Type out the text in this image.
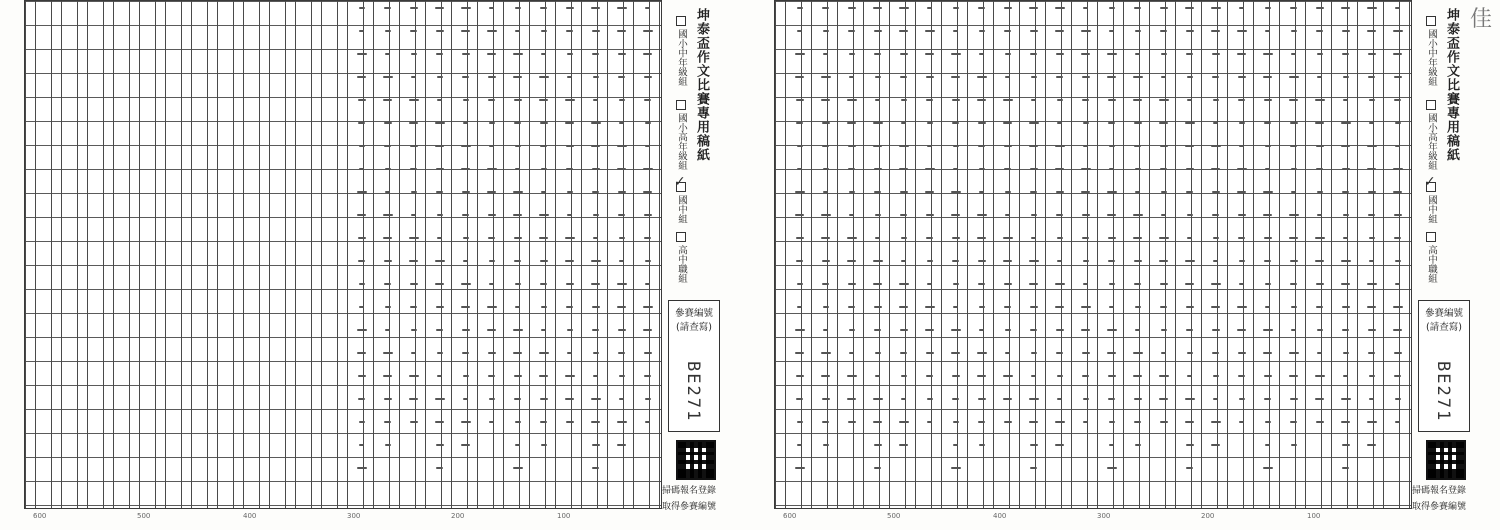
600	500	400	300	200	100
坤泰盃作文比賽專用稿紙
國小中年級組
國小高年級組
國中組
✓
高中職組
參賽編號
(請查寫)
BE271
掃碼報名登錄
取得參賽編號
600	500	400	300	200	100
佳
坤泰盃作文比賽專用稿紙
國小中年級組
國小高年級組
國中組
✓
高中職組
參賽編號
(請查寫)
BE271
掃碼報名登錄
取得參賽編號
